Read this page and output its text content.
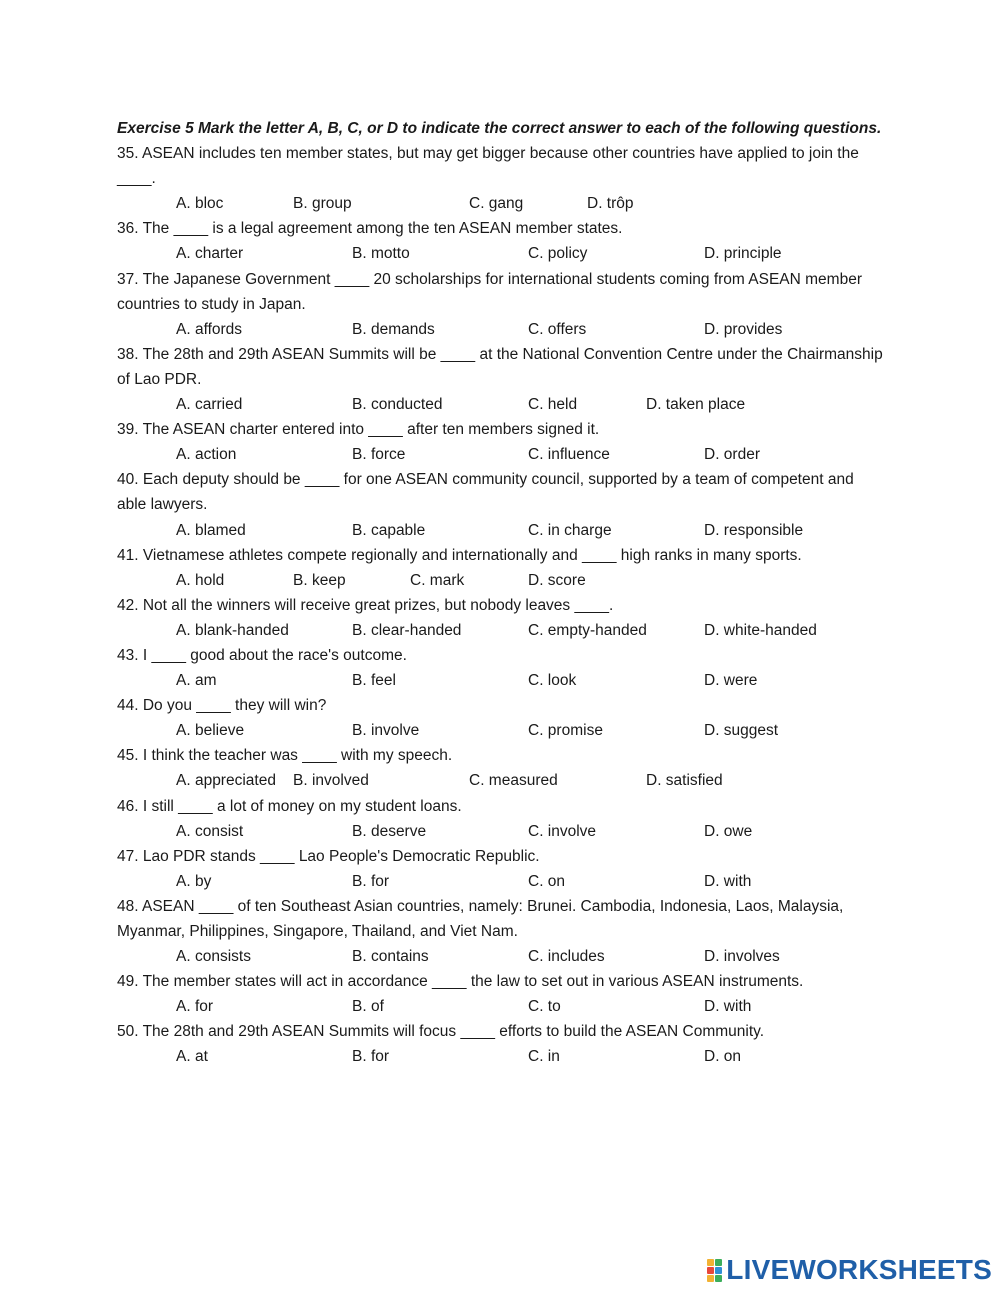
Exercise 5 Mark the letter A, B, C, or D to indicate the correct answer to each of the following questions.

35. ASEAN includes ten member states, but may get bigger because other countries have applied to join the ____.

A. bloc	B. group	C. gang	D. trôp

36. The ____ is a legal agreement among the ten ASEAN member states.

A. charter	B. motto	C. policy	D. principle

37. The Japanese Government ____ 20 scholarships for international students coming from ASEAN member countries to study in Japan.

A. affords	B. demands	C. offers	D. provides

38. The 28th and 29th ASEAN Summits will be ____ at the National Convention Centre under the Chairmanship of Lao PDR.

A. carried	B. conducted	C. held	D. taken place

39. The ASEAN charter entered into ____ after ten members signed it.

A. action	B. force	C. influence	D. order

40. Each deputy should be ____ for one ASEAN community council, supported by a team of competent and able lawyers.

A. blamed	B. capable	C. in charge	D. responsible

41. Vietnamese athletes compete regionally and internationally and ____ high ranks in many sports.

A. hold	B. keep	C. mark	D. score

42. Not all the winners will receive great prizes, but nobody leaves ____.

A. blank-handed	B. clear-handed	C. empty-handed	D. white-handed

43. I ____ good about the race's outcome.

A. am	B. feel	C. look	D. were

44. Do you ____ they will win?

A. believe	B. involve	C. promise	D. suggest

45. I think the teacher was ____ with my speech.

A. appreciated B. involved	C. measured	D. satisfied

46. I still ____ a lot of money on my student loans.

A. consist	B. deserve	C. involve	D. owe

47. Lao PDR stands ____ Lao People's Democratic Republic.

A. by	B. for	C. on	D. with

48. ASEAN ____ of ten Southeast Asian countries, namely: Brunei. Cambodia, Indonesia, Laos, Malaysia, Myanmar, Philippines, Singapore, Thailand, and Viet Nam.

A. consists	B. contains	C. includes	D. involves

49. The member states will act in accordance ____ the law to set out in various ASEAN instruments.

A. for	B. of	C. to	D. with

50. The 28th and 29th ASEAN Summits will focus ____ efforts to build the ASEAN Community.

A. at	B. for	C. in	D. on
LIVEWORKSHEETS
